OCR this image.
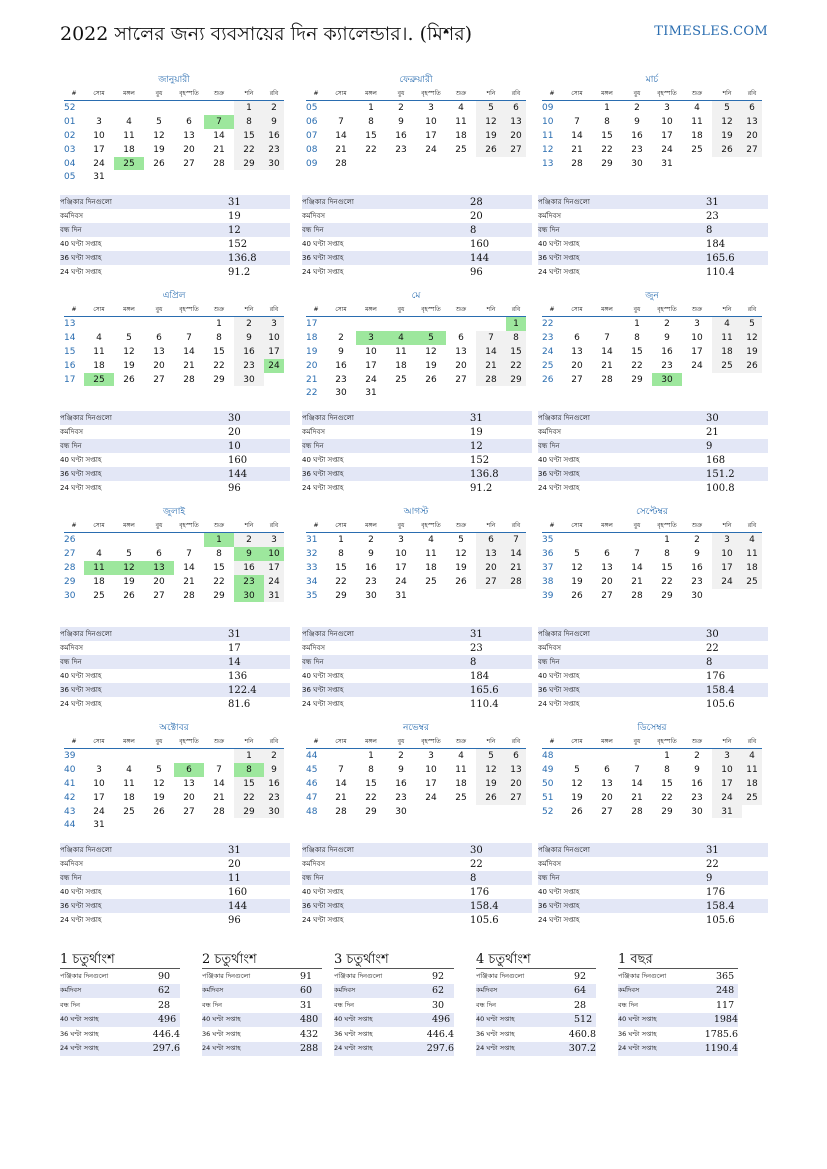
2022 সালের জন্য ব্যবসায়ের দিন ক্যালেন্ডার।. (মিশর)	TIMESLES.COM
জানুয়ারী
#	সোম	মঙ্গল	বুধ	বৃহস্পতি	শুক্র	শনি	রবি
52						1	2
01	3	4	5	6	7	8	9
02	10	11	12	13	14	15	16
03	17	18	19	20	21	22	23
04	24	25	26	27	28	29	30
05	31						
পঞ্জিকার দিনগুলো	31
কর্মদিবস	19
বন্ধ দিন	12
40 ঘণ্টা সপ্তাহ	152
36 ঘণ্টা সপ্তাহ	136.8
24 ঘণ্টা সপ্তাহ	91.2
ফেব্রুয়ারী
#	সোম	মঙ্গল	বুধ	বৃহস্পতি	শুক্র	শনি	রবি
05		1	2	3	4	5	6
06	7	8	9	10	11	12	13
07	14	15	16	17	18	19	20
08	21	22	23	24	25	26	27
09	28						
পঞ্জিকার দিনগুলো	28
কর্মদিবস	20
বন্ধ দিন	8
40 ঘণ্টা সপ্তাহ	160
36 ঘণ্টা সপ্তাহ	144
24 ঘণ্টা সপ্তাহ	96
মার্চ
#	সোম	মঙ্গল	বুধ	বৃহস্পতি	শুক্র	শনি	রবি
09		1	2	3	4	5	6
10	7	8	9	10	11	12	13
11	14	15	16	17	18	19	20
12	21	22	23	24	25	26	27
13	28	29	30	31			
পঞ্জিকার দিনগুলো	31
কর্মদিবস	23
বন্ধ দিন	8
40 ঘণ্টা সপ্তাহ	184
36 ঘণ্টা সপ্তাহ	165.6
24 ঘণ্টা সপ্তাহ	110.4
এপ্রিল
#	সোম	মঙ্গল	বুধ	বৃহস্পতি	শুক্র	শনি	রবি
13					1	2	3
14	4	5	6	7	8	9	10
15	11	12	13	14	15	16	17
16	18	19	20	21	22	23	24
17	25	26	27	28	29	30	
পঞ্জিকার দিনগুলো	30
কর্মদিবস	20
বন্ধ দিন	10
40 ঘণ্টা সপ্তাহ	160
36 ঘণ্টা সপ্তাহ	144
24 ঘণ্টা সপ্তাহ	96
মে
#	সোম	মঙ্গল	বুধ	বৃহস্পতি	শুক্র	শনি	রবি
17							1
18	2	3	4	5	6	7	8
19	9	10	11	12	13	14	15
20	16	17	18	19	20	21	22
21	23	24	25	26	27	28	29
22	30	31					
পঞ্জিকার দিনগুলো	31
কর্মদিবস	19
বন্ধ দিন	12
40 ঘণ্টা সপ্তাহ	152
36 ঘণ্টা সপ্তাহ	136.8
24 ঘণ্টা সপ্তাহ	91.2
জুন
#	সোম	মঙ্গল	বুধ	বৃহস্পতি	শুক্র	শনি	রবি
22			1	2	3	4	5
23	6	7	8	9	10	11	12
24	13	14	15	16	17	18	19
25	20	21	22	23	24	25	26
26	27	28	29	30			
পঞ্জিকার দিনগুলো	30
কর্মদিবস	21
বন্ধ দিন	9
40 ঘণ্টা সপ্তাহ	168
36 ঘণ্টা সপ্তাহ	151.2
24 ঘণ্টা সপ্তাহ	100.8
জুলাই
#	সোম	মঙ্গল	বুধ	বৃহস্পতি	শুক্র	শনি	রবি
26					1	2	3
27	4	5	6	7	8	9	10
28	11	12	13	14	15	16	17
29	18	19	20	21	22	23	24
30	25	26	27	28	29	30	31
পঞ্জিকার দিনগুলো	31
কর্মদিবস	17
বন্ধ দিন	14
40 ঘণ্টা সপ্তাহ	136
36 ঘণ্টা সপ্তাহ	122.4
24 ঘণ্টা সপ্তাহ	81.6
আগস্ট
#	সোম	মঙ্গল	বুধ	বৃহস্পতি	শুক্র	শনি	রবি
31	1	2	3	4	5	6	7
32	8	9	10	11	12	13	14
33	15	16	17	18	19	20	21
34	22	23	24	25	26	27	28
35	29	30	31				
পঞ্জিকার দিনগুলো	31
কর্মদিবস	23
বন্ধ দিন	8
40 ঘণ্টা সপ্তাহ	184
36 ঘণ্টা সপ্তাহ	165.6
24 ঘণ্টা সপ্তাহ	110.4
সেপ্টেম্বর
#	সোম	মঙ্গল	বুধ	বৃহস্পতি	শুক্র	শনি	রবি
35				1	2	3	4
36	5	6	7	8	9	10	11
37	12	13	14	15	16	17	18
38	19	20	21	22	23	24	25
39	26	27	28	29	30		
পঞ্জিকার দিনগুলো	30
কর্মদিবস	22
বন্ধ দিন	8
40 ঘণ্টা সপ্তাহ	176
36 ঘণ্টা সপ্তাহ	158.4
24 ঘণ্টা সপ্তাহ	105.6
অক্টোবর
#	সোম	মঙ্গল	বুধ	বৃহস্পতি	শুক্র	শনি	রবি
39						1	2
40	3	4	5	6	7	8	9
41	10	11	12	13	14	15	16
42	17	18	19	20	21	22	23
43	24	25	26	27	28	29	30
44	31						
পঞ্জিকার দিনগুলো	31
কর্মদিবস	20
বন্ধ দিন	11
40 ঘণ্টা সপ্তাহ	160
36 ঘণ্টা সপ্তাহ	144
24 ঘণ্টা সপ্তাহ	96
নভেম্বর
#	সোম	মঙ্গল	বুধ	বৃহস্পতি	শুক্র	শনি	রবি
44		1	2	3	4	5	6
45	7	8	9	10	11	12	13
46	14	15	16	17	18	19	20
47	21	22	23	24	25	26	27
48	28	29	30				
পঞ্জিকার দিনগুলো	30
কর্মদিবস	22
বন্ধ দিন	8
40 ঘণ্টা সপ্তাহ	176
36 ঘণ্টা সপ্তাহ	158.4
24 ঘণ্টা সপ্তাহ	105.6
ডিসেম্বর
#	সোম	মঙ্গল	বুধ	বৃহস্পতি	শুক্র	শনি	রবি
48				1	2	3	4
49	5	6	7	8	9	10	11
50	12	13	14	15	16	17	18
51	19	20	21	22	23	24	25
52	26	27	28	29	30	31	
পঞ্জিকার দিনগুলো	31
কর্মদিবস	22
বন্ধ দিন	9
40 ঘণ্টা সপ্তাহ	176
36 ঘণ্টা সপ্তাহ	158.4
24 ঘণ্টা সপ্তাহ	105.6
1 চতুর্থাংশ
পঞ্জিকার দিনগুলো	90
কর্মদিবস	62
বন্ধ দিন	28
40 ঘণ্টা সপ্তাহ	496
36 ঘণ্টা সপ্তাহ	446.4
24 ঘণ্টা সপ্তাহ	297.6
2 চতুর্থাংশ
পঞ্জিকার দিনগুলো	91
কর্মদিবস	60
বন্ধ দিন	31
40 ঘণ্টা সপ্তাহ	480
36 ঘণ্টা সপ্তাহ	432
24 ঘণ্টা সপ্তাহ	288
3 চতুর্থাংশ
পঞ্জিকার দিনগুলো	92
কর্মদিবস	62
বন্ধ দিন	30
40 ঘণ্টা সপ্তাহ	496
36 ঘণ্টা সপ্তাহ	446.4
24 ঘণ্টা সপ্তাহ	297.6
4 চতুর্থাংশ
পঞ্জিকার দিনগুলো	92
কর্মদিবস	64
বন্ধ দিন	28
40 ঘণ্টা সপ্তাহ	512
36 ঘণ্টা সপ্তাহ	460.8
24 ঘণ্টা সপ্তাহ	307.2
1 বছর
পঞ্জিকার দিনগুলো	365
কর্মদিবস	248
বন্ধ দিন	117
40 ঘণ্টা সপ্তাহ	1984
36 ঘণ্টা সপ্তাহ	1785.6
24 ঘণ্টা সপ্তাহ	1190.4
